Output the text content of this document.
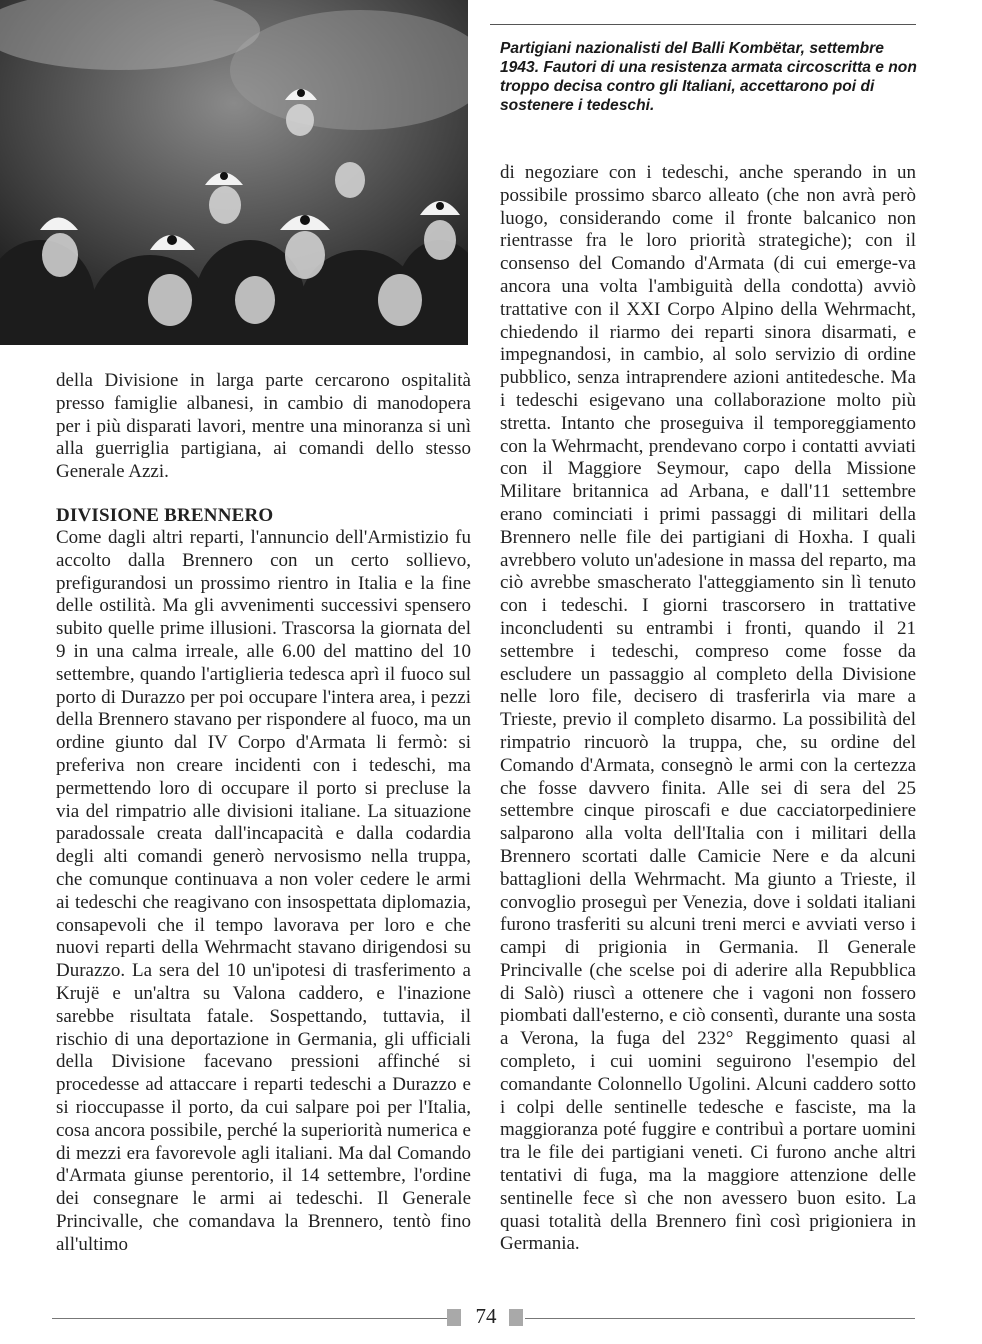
Partigiani nazionalisti del Balli Kombëtar, settembre 1943. Fautori di una resistenza armata circoscritta e non troppo decisa contro gli Italiani, accettarono poi di sostenere i tedeschi.

della Divisione in larga parte cercarono ospitalità presso famiglie albanesi, in cambio di manodopera per i più disparati lavori, mentre una minoranza si unì alla guerriglia partigiana, ai comandi dello stesso Generale Azzi.

DIVISIONE BRENNERO

Come dagli altri reparti, l'annuncio dell'Armistizio fu accolto dalla Brennero con un certo sollievo, prefigurandosi un prossimo rientro in Italia e la fine delle ostilità. Ma gli avvenimenti successivi spensero subito quelle prime illusioni. Trascorsa la giornata del 9 in una calma irreale, alle 6.00 del mattino del 10 settembre, quando l'artiglieria tedesca aprì il fuoco sul porto di Durazzo per poi occupare l'intera area, i pezzi della Brennero stavano per rispondere al fuoco, ma un ordine giunto dal IV Corpo d'Armata li fermò: si preferiva non creare incidenti con i tedeschi, ma permettendo loro di occupare il porto si precluse la via del rimpatrio alle divisioni italiane. La situazione paradossale creata dall'incapacità e dalla codardia degli alti comandi generò nervosismo nella truppa, che comunque continuava a non voler cedere le armi ai tedeschi che reagivano con insospettata diplomazia, consapevoli che il tempo lavorava per loro e che nuovi reparti della Wehrmacht stavano dirigendosi su Durazzo. La sera del 10 un'ipotesi di trasferimento a Krujë e un'altra su Valona caddero, e l'inazione sarebbe risultata fatale. Sospettando, tuttavia, il rischio di una deportazione in Germania, gli ufficiali della Divisione facevano pressioni affinché si procedesse ad attaccare i reparti tedeschi a Durazzo e si rioccupasse il porto, da cui salpare poi per l'Italia, cosa ancora possibile, perché la superiorità numerica e di mezzi era favorevole agli italiani. Ma dal Comando d'Armata giunse perentorio, il 14 settembre, l'ordine dei consegnare le armi ai tedeschi. Il Generale Princivalle, che comandava la Brennero, tentò fino all'ultimo

di negoziare con i tedeschi, anche sperando in un possibile prossimo sbarco alleato (che non avrà però luogo, considerando come il fronte balcanico non rientrasse fra le loro priorità strategiche); con il consenso del Comando d'Armata (di cui emerge-va ancora una volta l'ambiguità della condotta) avviò trattative con il XXI Corpo Alpino della Wehrmacht, chiedendo il riarmo dei reparti sinora disarmati, e impegnandosi, in cambio, al solo servizio di ordine pubblico, senza intraprendere azioni antitedesche. Ma i tedeschi esigevano una collaborazione molto più stretta. Intanto che proseguiva il temporeggiamento con la Wehrmacht, prendevano corpo i contatti avviati con il Maggiore Seymour, capo della Missione Militare britannica ad Arbana, e dall'11 settembre erano cominciati i primi passaggi di militari della Brennero nelle file dei partigiani di Hoxha. I quali avrebbero voluto un'adesione in massa del reparto, ma ciò avrebbe smascherato l'atteggiamento sin lì tenuto con i tedeschi. I giorni trascorsero in trattative inconcludenti su entrambi i fronti, quando il 21 settembre i tedeschi, compreso come fosse da escludere un passaggio al completo della Divisione nelle loro file, decisero di trasferirla via mare a Trieste, previo il completo disarmo. La possibilità del rimpatrio rincuorò la truppa, che, su ordine del Comando d'Armata, consegnò le armi con la certezza che fosse davvero finita. Alle sei di sera del 25 settembre cinque piroscafi e due cacciatorpediniere salparono alla volta dell'Italia con i militari della Brennero scortati dalle Camicie Nere e da alcuni battaglioni della Wehrmacht. Ma giunto a Trieste, il convoglio proseguì per Venezia, dove i soldati italiani furono trasferiti su alcuni treni merci e avviati verso i campi di prigionia in Germania. Il Generale Princivalle (che scelse poi di aderire alla Repubblica di Salò) riuscì a ottenere che i vagoni non fossero piombati dall'esterno, e ciò consentì, durante una sosta a Verona, la fuga del 232° Reggimento quasi al completo, i cui uomini seguirono l'esempio del comandante Colonnello Ugolini. Alcuni caddero sotto i colpi delle sentinelle tedesche e fasciste, ma la maggioranza poté fuggire e contribuì a portare uomini tra le file dei partigiani veneti. Ci furono anche altri tentativi di fuga, ma la maggiore attenzione delle sentinelle fece sì che non avessero buon esito. La quasi totalità della Brennero finì così prigioniera in Germania.

74
